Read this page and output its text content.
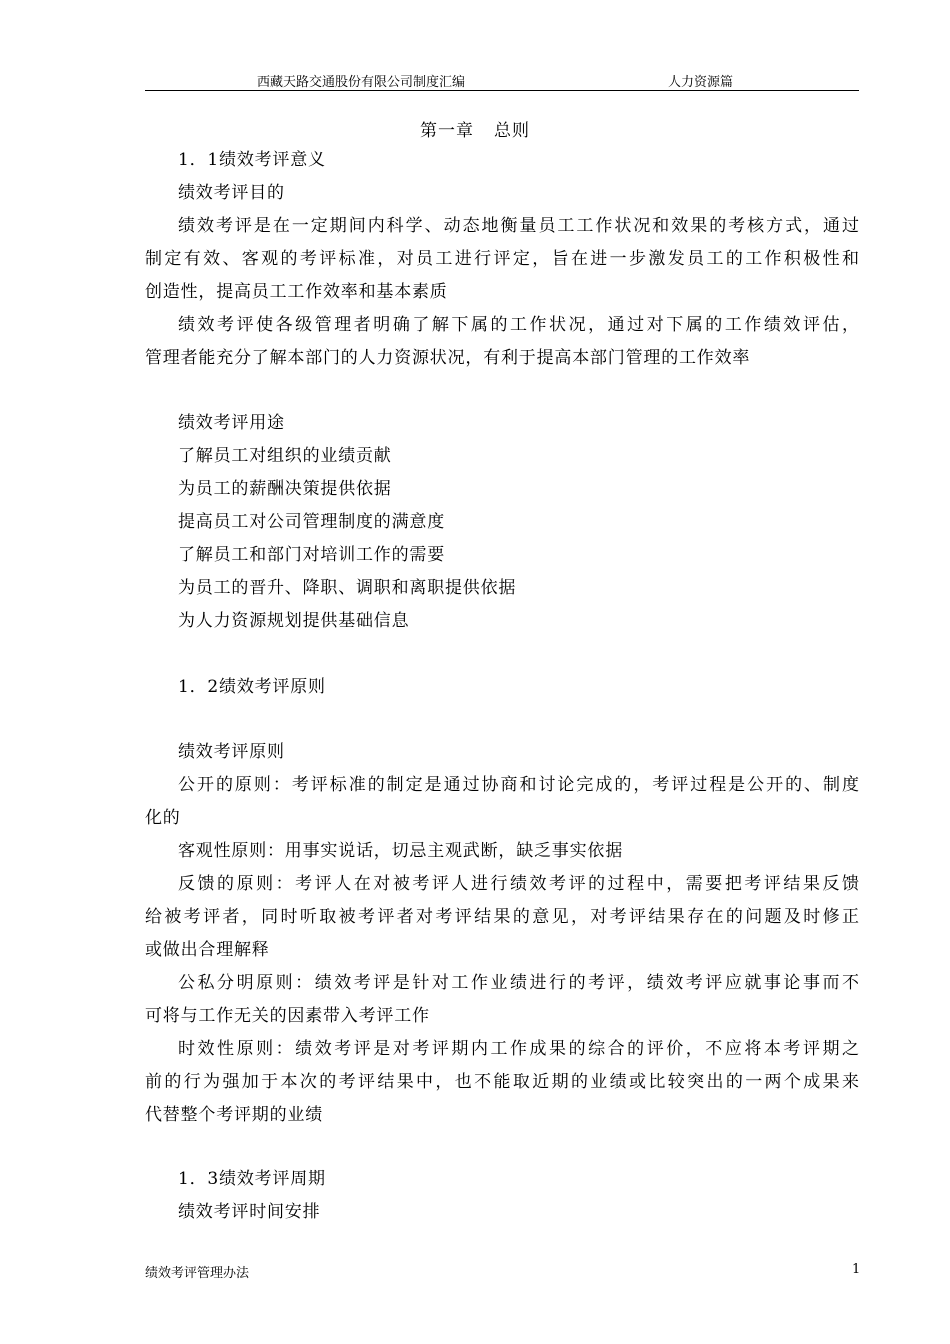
西藏天路交通股份有限公司制度汇编	人力资源篇
第一章 总则
1．1绩效考评意义
绩效考评目的
绩效考评是在一定期间内科学、动态地衡量员工工作状况和效果的考核方式，通过
制定有效、客观的考评标准，对员工进行评定，旨在进一步激发员工的工作积极性和
创造性，提高员工工作效率和基本素质
绩效考评使各级管理者明确了解下属的工作状况，通过对下属的工作绩效评估，
管理者能充分了解本部门的人力资源状况，有利于提高本部门管理的工作效率
绩效考评用途
了解员工对组织的业绩贡献
为员工的薪酬决策提供依据
提高员工对公司管理制度的满意度
了解员工和部门对培训工作的需要
为员工的晋升、降职、调职和离职提供依据
为人力资源规划提供基础信息
1．2绩效考评原则
绩效考评原则
公开的原则：考评标准的制定是通过协商和讨论完成的，考评过程是公开的、制度
化的
客观性原则：用事实说话，切忌主观武断，缺乏事实依据
反馈的原则：考评人在对被考评人进行绩效考评的过程中，需要把考评结果反馈
给被考评者，同时听取被考评者对考评结果的意见，对考评结果存在的问题及时修正
或做出合理解释
公私分明原则：绩效考评是针对工作业绩进行的考评，绩效考评应就事论事而不
可将与工作无关的因素带入考评工作
时效性原则：绩效考评是对考评期内工作成果的综合的评价，不应将本考评期之
前的行为强加于本次的考评结果中，也不能取近期的业绩或比较突出的一两个成果来
代替整个考评期的业绩
1．3绩效考评周期
绩效考评时间安排
绩效考评管理办法	1
